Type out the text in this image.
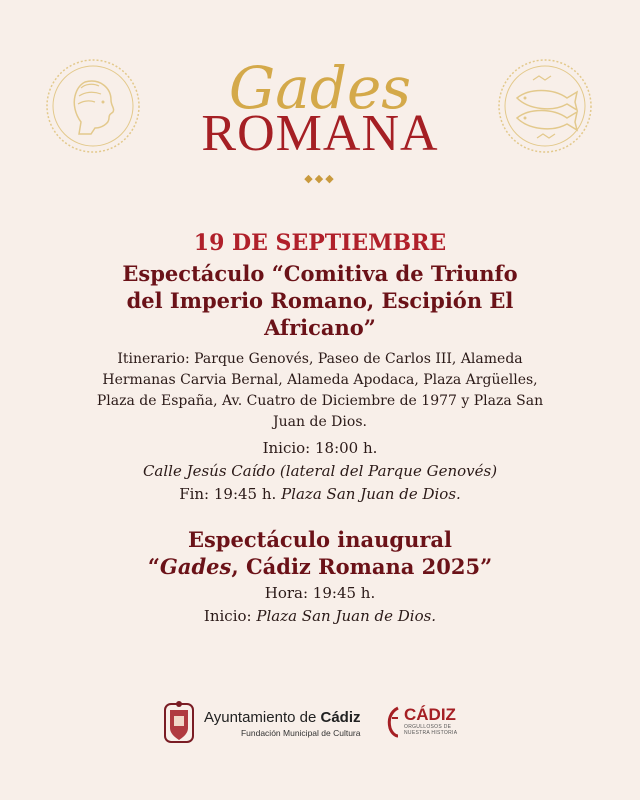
Gades
ROMANA
◆◆◆
19 DE SEPTIEMBRE
Espectáculo “Comitiva de Triunfo
del Imperio Romano, Escipión El
Africano”
Itinerario: Parque Genovés, Paseo de Carlos III, Alameda
Hermanas Carvia Bernal, Alameda Apodaca, Plaza Argüelles,
Plaza de España, Av. Cuatro de Diciembre de 1977 y Plaza San
Juan de Dios.
Inicio: 18:00 h.
Calle Jesús Caído (lateral del Parque Genovés)
Fin: 19:45 h. Plaza San Juan de Dios.
Espectáculo inaugural
“Gades, Cádiz Romana 2025”
Hora: 19:45 h.
Inicio: Plaza San Juan de Dios.
Ayuntamiento de Cádiz
Fundación Municipal de Cultura
CÁDIZ
ORGULLOSOS DE
NUESTRA HISTORIA
